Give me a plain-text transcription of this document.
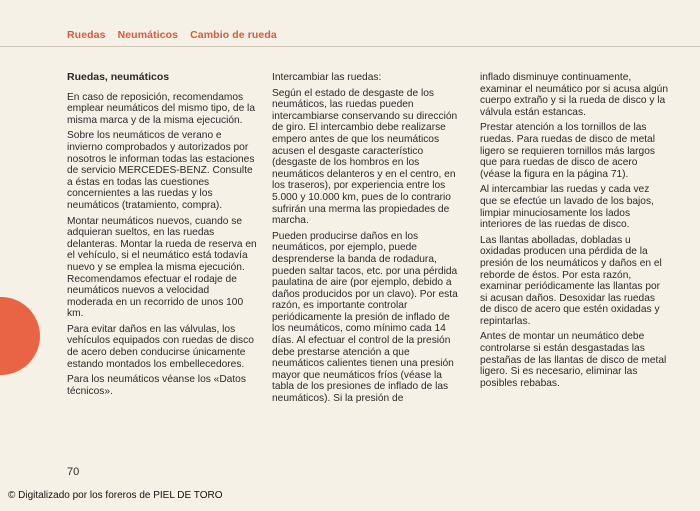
Ruedas Neumáticos Cambio de rueda
Ruedas, neumáticos

En caso de reposición, recomendamos emplear neumáticos del mismo tipo, de la misma marca y de la misma ejecución.

Sobre los neumáticos de verano e invierno comprobados y autorizados por nosotros le informan todas las estaciones de servicio MERCEDES-BENZ. Consulte a éstas en todas las cuestiones concernientes a las ruedas y los neumáticos (tratamiento, compra).

Montar neumáticos nuevos, cuando se adquieran sueltos, en las ruedas delanteras. Montar la rueda de reserva en el vehículo, si el neumático está todavía nuevo y se emplea la misma ejecución. Recomendamos efectuar el rodaje de neumáticos nuevos a velocidad moderada en un recorrido de unos 100 km.

Para evitar daños en las válvulas, los vehículos equipados con ruedas de disco de acero deben conducirse únicamente estando montados los embellecedores.

Para los neumáticos véanse los «Datos técnicos».

Intercambiar las ruedas:

Según el estado de desgaste de los neumáticos, las ruedas pueden intercambiarse conservando su dirección de giro. El intercambio debe realizarse empero antes de que los neumáticos acusen el desgaste característico (desgaste de los hombros en los neumáticos delanteros y en el centro, en los traseros), por experiencia entre los 5.000 y 10.000 km, pues de lo contrario sufrirán una merma las propiedades de marcha.

Pueden producirse daños en los neumáticos, por ejemplo, puede desprenderse la banda de rodadura, pueden saltar tacos, etc. por una pérdida paulatina de aire (por ejemplo, debido a daños producidos por un clavo). Por esta razón, es importante controlar periódicamente la presión de inflado de los neumáticos, como mínimo cada 14 días. Al efectuar el control de la presión debe prestarse atención a que neumáticos calientes tienen una presión mayor que neumáticos fríos (véase la tabla de los presiones de inflado de las neumáticos). Si la presión de

inflado disminuye continuamente, examinar el neumático por si acusa algún cuerpo extraño y si la rueda de disco y la válvula están estancas.

Prestar atención a los tornillos de las ruedas. Para ruedas de disco de metal ligero se requieren tornillos más largos que para ruedas de disco de acero (véase la figura en la página 71).

Al intercambiar las ruedas y cada vez que se efectúe un lavado de los bajos, limpiar minuciosamente los lados interiores de las ruedas de disco.

Las llantas abolladas, dobladas u oxidadas producen una pérdida de la presión de los neumáticos y daños en el reborde de éstos. Por esta razón, examinar periódicamente las llantas por si acusan daños. Desoxidar las ruedas de disco de acero que estén oxidadas y repintarlas.

Antes de montar un neumático debe controlarse si están desgastadas las pestañas de las llantas de disco de metal ligero. Si es necesario, eliminar las posibles rebabas.

70
© Digitalizado por los foreros de PIEL DE TORO
